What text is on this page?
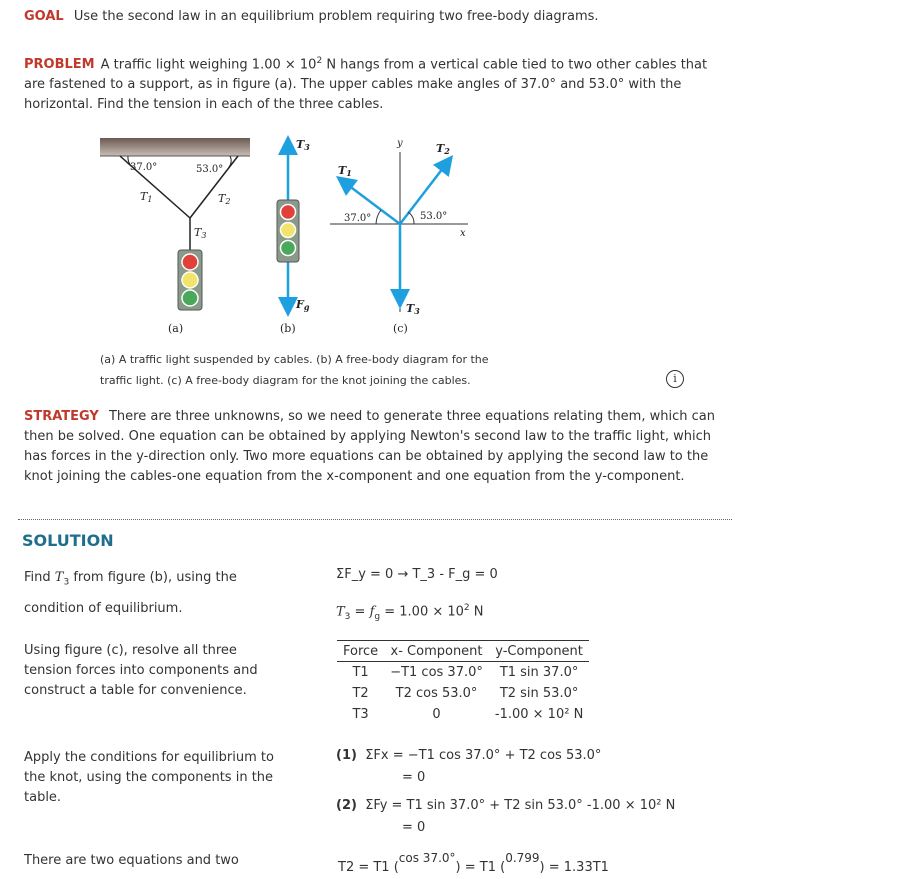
GOAL Use the second law in an equilibrium problem requiring two free-body diagrams.
PROBLEM A traffic light weighing $1.00 \times 10^2$ N hangs from a vertical cable tied to two other cables that are fastened to a support, as in figure (a). The upper cables make angles of 37.0° and 53.0° with the horizontal. Find the tension in each of the three cables.
37.0°	53.0°
T1	T2
T3
(a)
T3
Fg
(b)
y
x
37.0°	53.0°
T1
T2
T3
(c)
(a) A traffic light suspended by cables. (b) A free-body diagram for the
traffic light. (c) A free-body diagram for the knot joining the cables.	i
STRATEGY There are three unknowns, so we need to generate three equations relating them, which can then be solved. One equation can be obtained by applying Newton's second law to the traffic light, which has forces in the y-direction only. Two more equations can be obtained by applying the second law to the knot joining the cables-one equation from the x-component and one equation from the y-component.
SOLUTION
Find $T_3$ from figure (b), using the condition of equilibrium.
ΣF_y = 0 → T_3 - F_g = 0
$T_3 = f_g = 1.00 \times 10^2$ N
Using figure (c), resolve all three tension forces into components and construct a table for convenience.
Force	x- Component	y-Component
T1	−T1 cos 37.0°	T1 sin 37.0°
T2	T2 cos 53.0°	T2 sin 53.0°
T3	0	-1.00 × 10² N
Apply the conditions for equilibrium to the knot, using the components in the table.
(1) ΣFx = −T1 cos 37.0° + T2 cos 53.0°
= 0
(2) ΣFy = T1 sin 37.0° + T2 sin 53.0° -1.00 × 10² N
= 0
There are two equations and two	T2 = T1 (cos 37.0°) = T1 (0.799) = 1.33T1
